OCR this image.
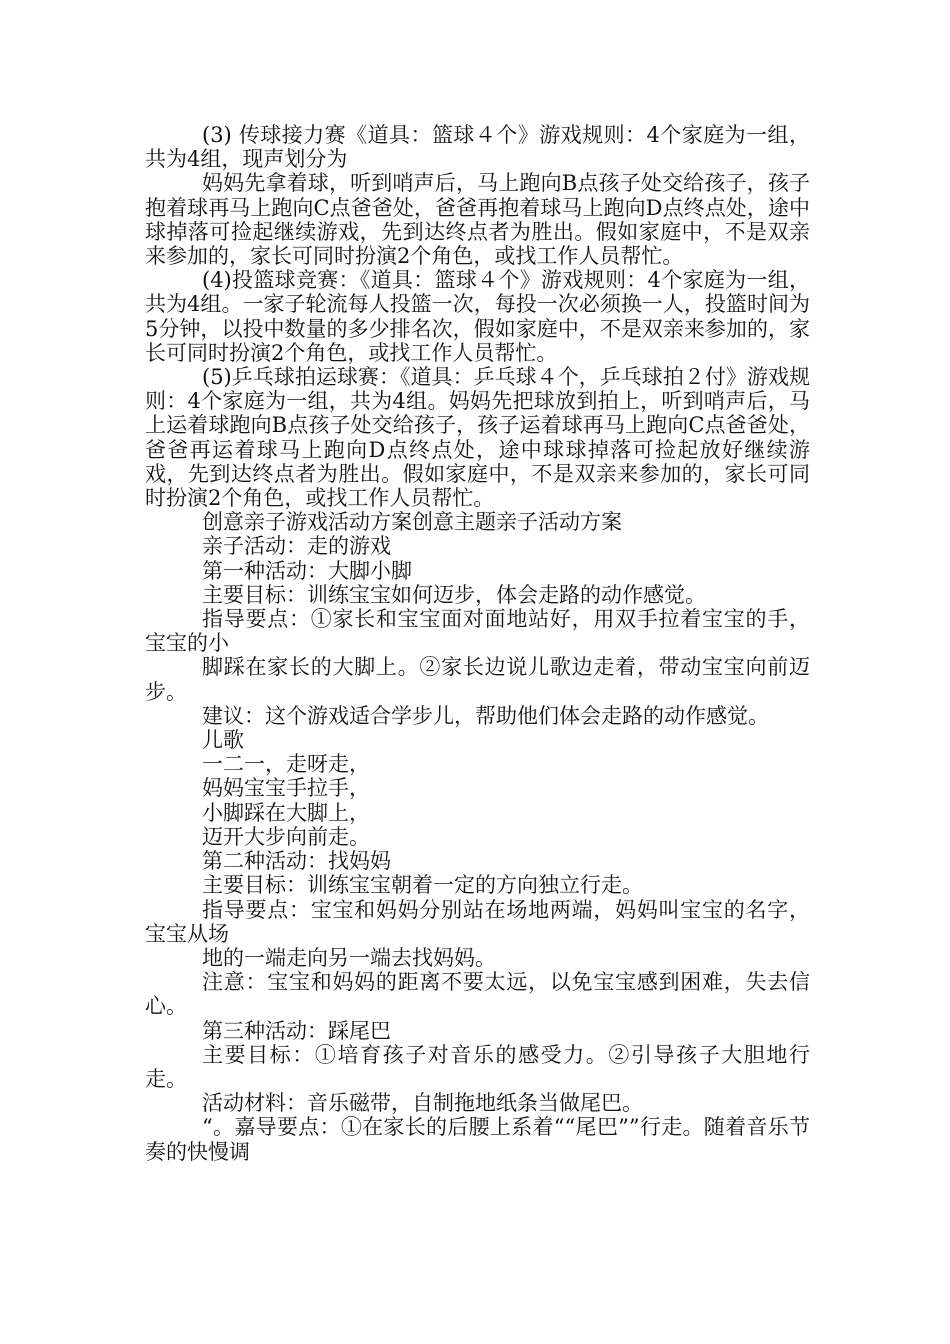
(3) 传球接力赛《道具：篮球４个》游戏规则：4个家庭为一组，共为4组，现声划分为

妈妈先拿着球，听到哨声后，马上跑向B点孩子处交给孩子，孩子抱着球再马上跑向C点爸爸处，爸爸再抱着球马上跑向D点终点处，途中球掉落可捡起继续游戏，先到达终点者为胜出。假如家庭中，不是双亲来参加的，家长可同时扮演2个角色，或找工作人员帮忙。

(4)投篮球竞赛：《道具：篮球４个》游戏规则：4个家庭为一组，共为4组。一家子轮流每人投篮一次，每投一次必须换一人，投篮时间为5分钟，以投中数量的多少排名次，假如家庭中，不是双亲来参加的，家长可同时扮演2个角色，或找工作人员帮忙。

(5)乒乓球拍运球赛：《道具：乒乓球４个，乒乓球拍２付》游戏规则：4个家庭为一组，共为4组。妈妈先把球放到拍上，听到哨声后，马上运着球跑向B点孩子处交给孩子，孩子运着球再马上跑向C点爸爸处，爸爸再运着球马上跑向D点终点处，途中球球掉落可捡起放好继续游戏，先到达终点者为胜出。假如家庭中，不是双亲来参加的，家长可同时扮演2个角色，或找工作人员帮忙。

创意亲子游戏活动方案创意主题亲子活动方案

亲子活动：走的游戏

第一种活动：大脚小脚

主要目标：训练宝宝如何迈步，体会走路的动作感觉。

指导要点：①家长和宝宝面对面地站好，用双手拉着宝宝的手，宝宝的小

脚踩在家长的大脚上。②家长边说儿歌边走着，带动宝宝向前迈步。

建议：这个游戏适合学步儿，帮助他们体会走路的动作感觉。

儿歌

一二一，走呀走，

妈妈宝宝手拉手，

小脚踩在大脚上，

迈开大步向前走。

第二种活动：找妈妈

主要目标：训练宝宝朝着一定的方向独立行走。

指导要点：宝宝和妈妈分别站在场地两端，妈妈叫宝宝的名字，宝宝从场

地的一端走向另一端去找妈妈。

注意：宝宝和妈妈的距离不要太远，以免宝宝感到困难，失去信心。

第三种活动：踩尾巴

主要目标：①培育孩子对音乐的感受力。②引导孩子大胆地行走。

活动材料：音乐磁带，自制拖地纸条当做尾巴。

“。嘉导要点：①在家长的后腰上系着““尾巴””行走。随着音乐节奏的快慢调
